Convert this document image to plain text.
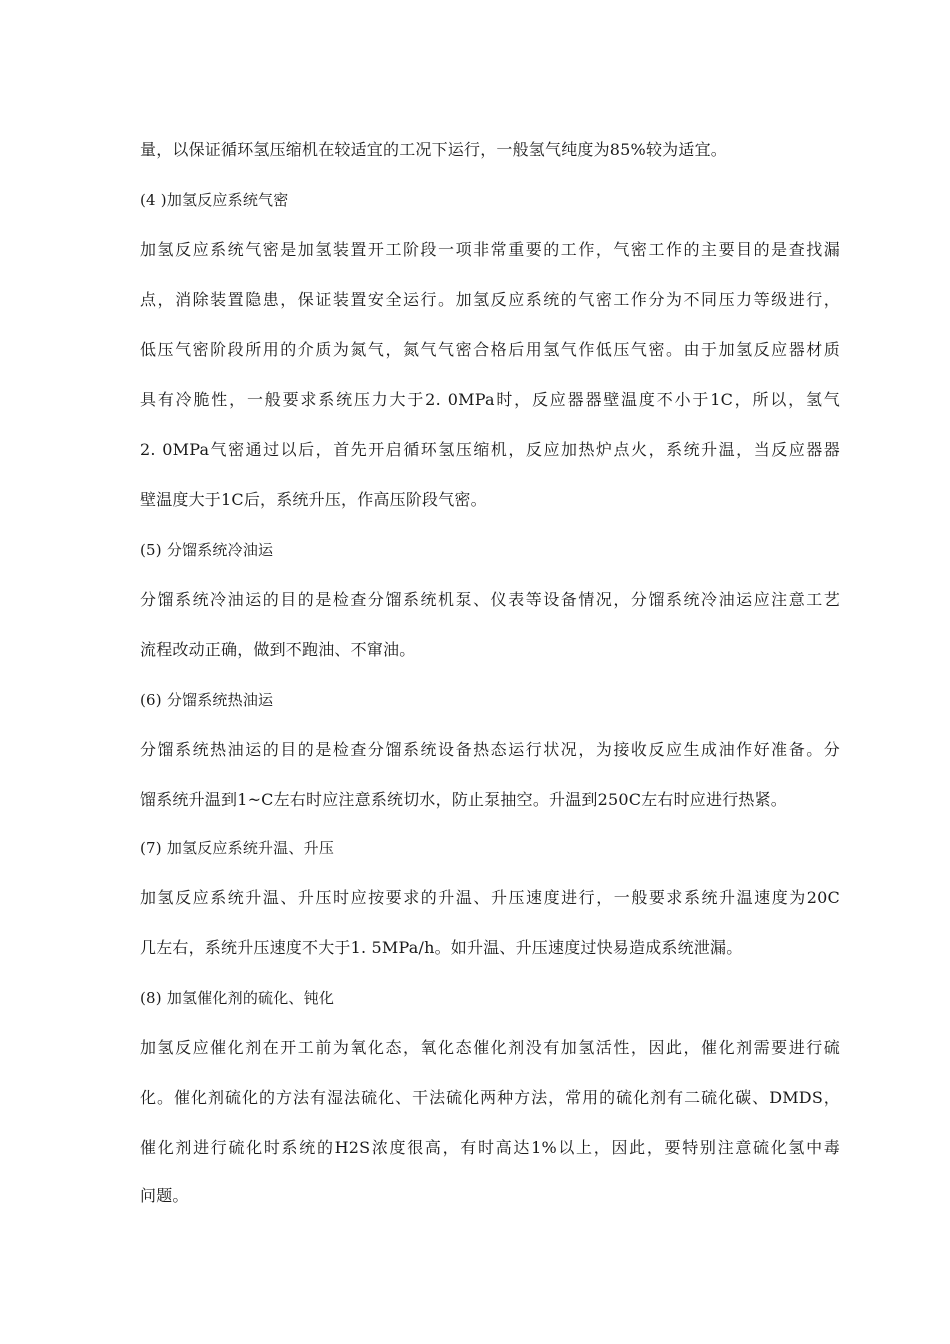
量，以保证循环氢压缩机在较适宜的工况下运行，一般氢气纯度为85%较为适宜。
(4 )加氢反应系统气密
加氢反应系统气密是加氢装置开工阶段一项非常重要的工作，气密工作的主要目的是查找漏
点，消除装置隐患，保证装置安全运行。加氢反应系统的气密工作分为不同压力等级进行，
低压气密阶段所用的介质为氮气，氮气气密合格后用氢气作低压气密。由于加氢反应器材质
具有冷脆性，一般要求系统压力大于2. 0MPa时，反应器器壁温度不小于1C，所以，氢气
2. 0MPa气密通过以后，首先开启循环氢压缩机，反应加热炉点火，系统升温，当反应器器
壁温度大于1C后，系统升压，作高压阶段气密。
(5) 分馏系统冷油运
分馏系统冷油运的目的是检查分馏系统机泵、仪表等设备情况，分馏系统冷油运应注意工艺
流程改动正确，做到不跑油、不窜油。
(6) 分馏系统热油运
分馏系统热油运的目的是检查分馏系统设备热态运行状况，为接收反应生成油作好准备。分
馏系统升温到1~C左右时应注意系统切水，防止泵抽空。升温到250C左右时应进行热紧。
(7) 加氢反应系统升温、升压
加氢反应系统升温、升压时应按要求的升温、升压速度进行，一般要求系统升温速度为20C
几左右，系统升压速度不大于1. 5MPa/h。如升温、升压速度过快易造成系统泄漏。
(8) 加氢催化剂的硫化、钝化
加氢反应催化剂在开工前为氧化态，氧化态催化剂没有加氢活性，因此，催化剂需要进行硫
化。催化剂硫化的方法有湿法硫化、干法硫化两种方法，常用的硫化剂有二硫化碳、DMDS，
催化剂进行硫化时系统的H2S浓度很高，有时高达1%以上，因此，要特别注意硫化氢中毒
问题。
